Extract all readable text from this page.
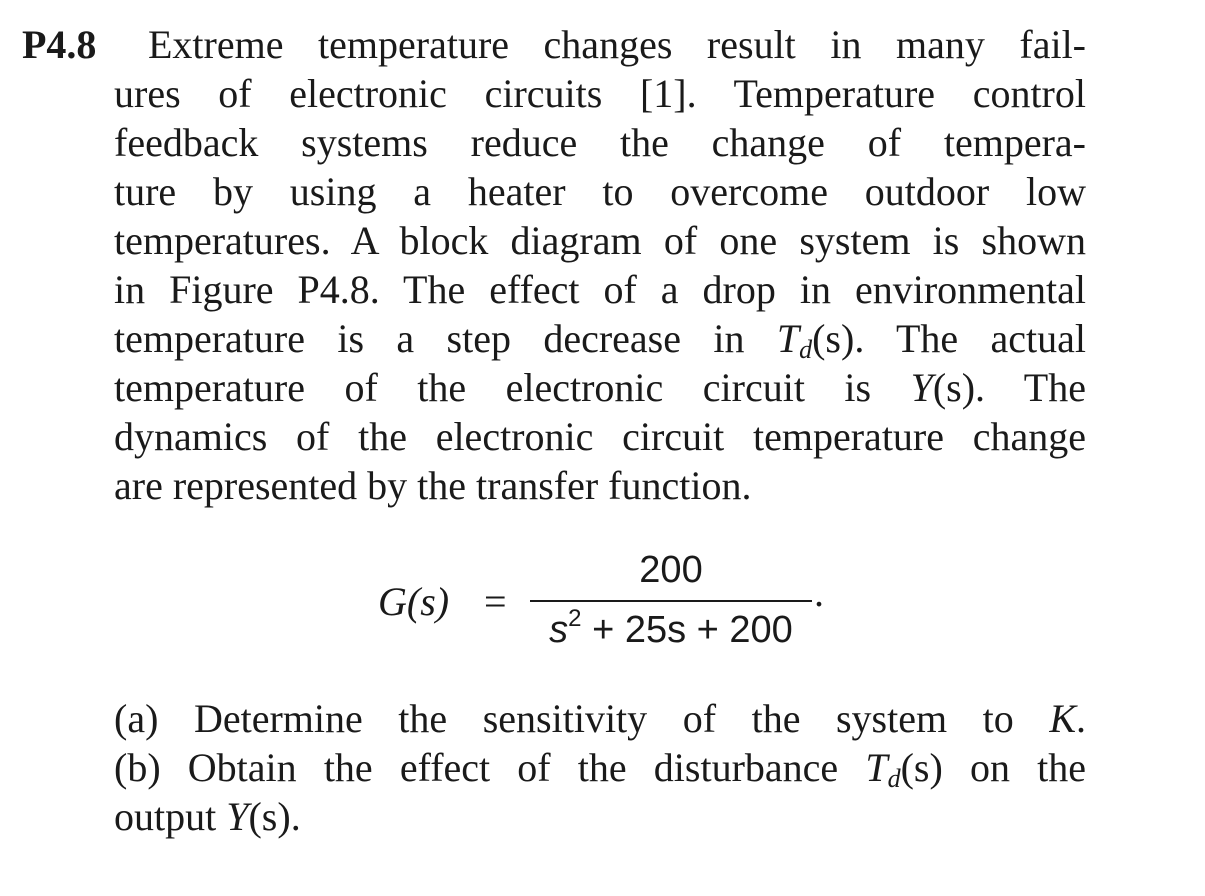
P4.8 Extreme temperature changes result in many fail-
ures of electronic circuits [1]. Temperature control
feedback systems reduce the change of tempera-
ture by using a heater to overcome outdoor low
temperatures. A block diagram of one system is shown
in Figure P4.8. The effect of a drop in environmental
temperature is a step decrease in $T_d(s)$. The actual
temperature of the electronic circuit is Y(s). The
dynamics of the electronic circuit temperature change
are represented by the transfer function.
G(s) =
200
$s^2 + 25s + 200$
.
(a) Determine the sensitivity of the system to K.
(b) Obtain the effect of the disturbance $T_d(s)$ on the
output Y(s).
